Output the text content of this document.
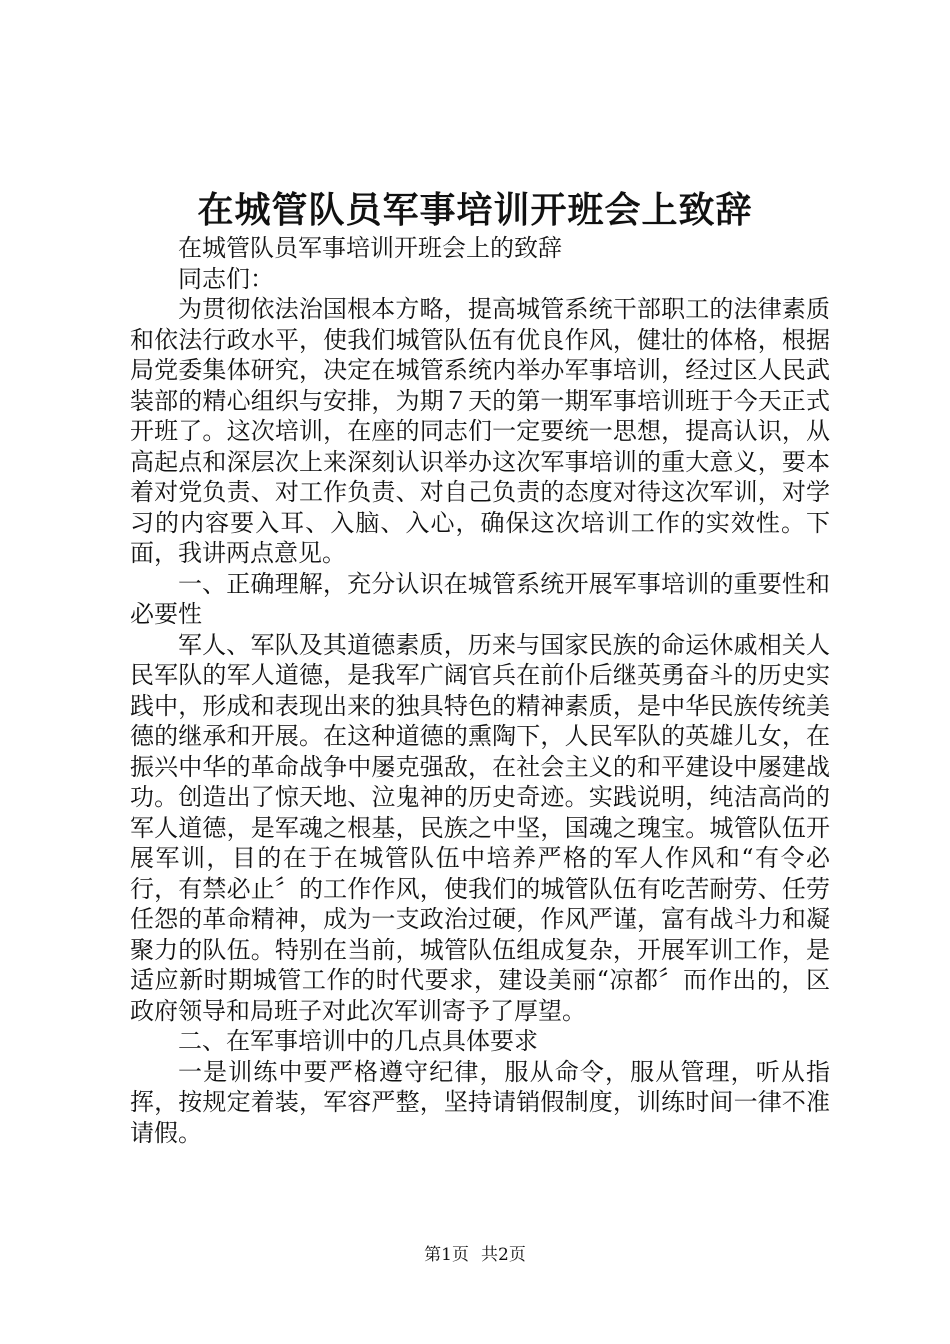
在城管队员军事培训开班会上致辞

在城管队员军事培训开班会上的致辞

同志们：

为贯彻依法治国根本方略，提高城管系统干部职工的法律素质和依法行政水平，使我们城管队伍有优良作风，健壮的体格，根据局党委集体研究，决定在城管系统内举办军事培训，经过区人民武装部的精心组织与安排，为期７天的第一期军事培训班于今天正式开班了。这次培训，在座的同志们一定要统一思想，提高认识，从高起点和深层次上来深刻认识举办这次军事培训的重大意义，要本着对党负责、对工作负责、对自己负责的态度对待这次军训，对学习的内容要入耳、入脑、入心，确保这次培训工作的实效性。下面，我讲两点意见。

一、正确理解，充分认识在城管系统开展军事培训的重要性和必要性

军人、军队及其道德素质，历来与国家民族的命运休戚相关人民军队的军人道德，是我军广阔官兵在前仆后继英勇奋斗的历史实践中，形成和表现出来的独具特色的精神素质，是中华民族传统美德的继承和开展。在这种道德的熏陶下，人民军队的英雄儿女，在振兴中华的革命战争中屡克强敌，在社会主义的和平建设中屡建战功。创造出了惊天地、泣鬼神的历史奇迹。实践说明，纯洁高尚的军人道德，是军魂之根基，民族之中坚，国魂之瑰宝。城管队伍开展军训，目的在于在城管队伍中培养严格的军人作风和“有令必行，有禁必止〞的工作作风，使我们的城管队伍有吃苦耐劳、任劳任怨的革命精神，成为一支政治过硬，作风严谨，富有战斗力和凝聚力的队伍。特别在当前，城管队伍组成复杂，开展军训工作，是适应新时期城管工作的时代要求，建设美丽“凉都〞而作出的，区政府领导和局班子对此次军训寄予了厚望。

二、在军事培训中的几点具体要求

一是训练中要严格遵守纪律，服从命令，服从管理，听从指挥，按规定着装，军容严整，坚持请销假制度，训练时间一律不准请假。

第1页 共2页
